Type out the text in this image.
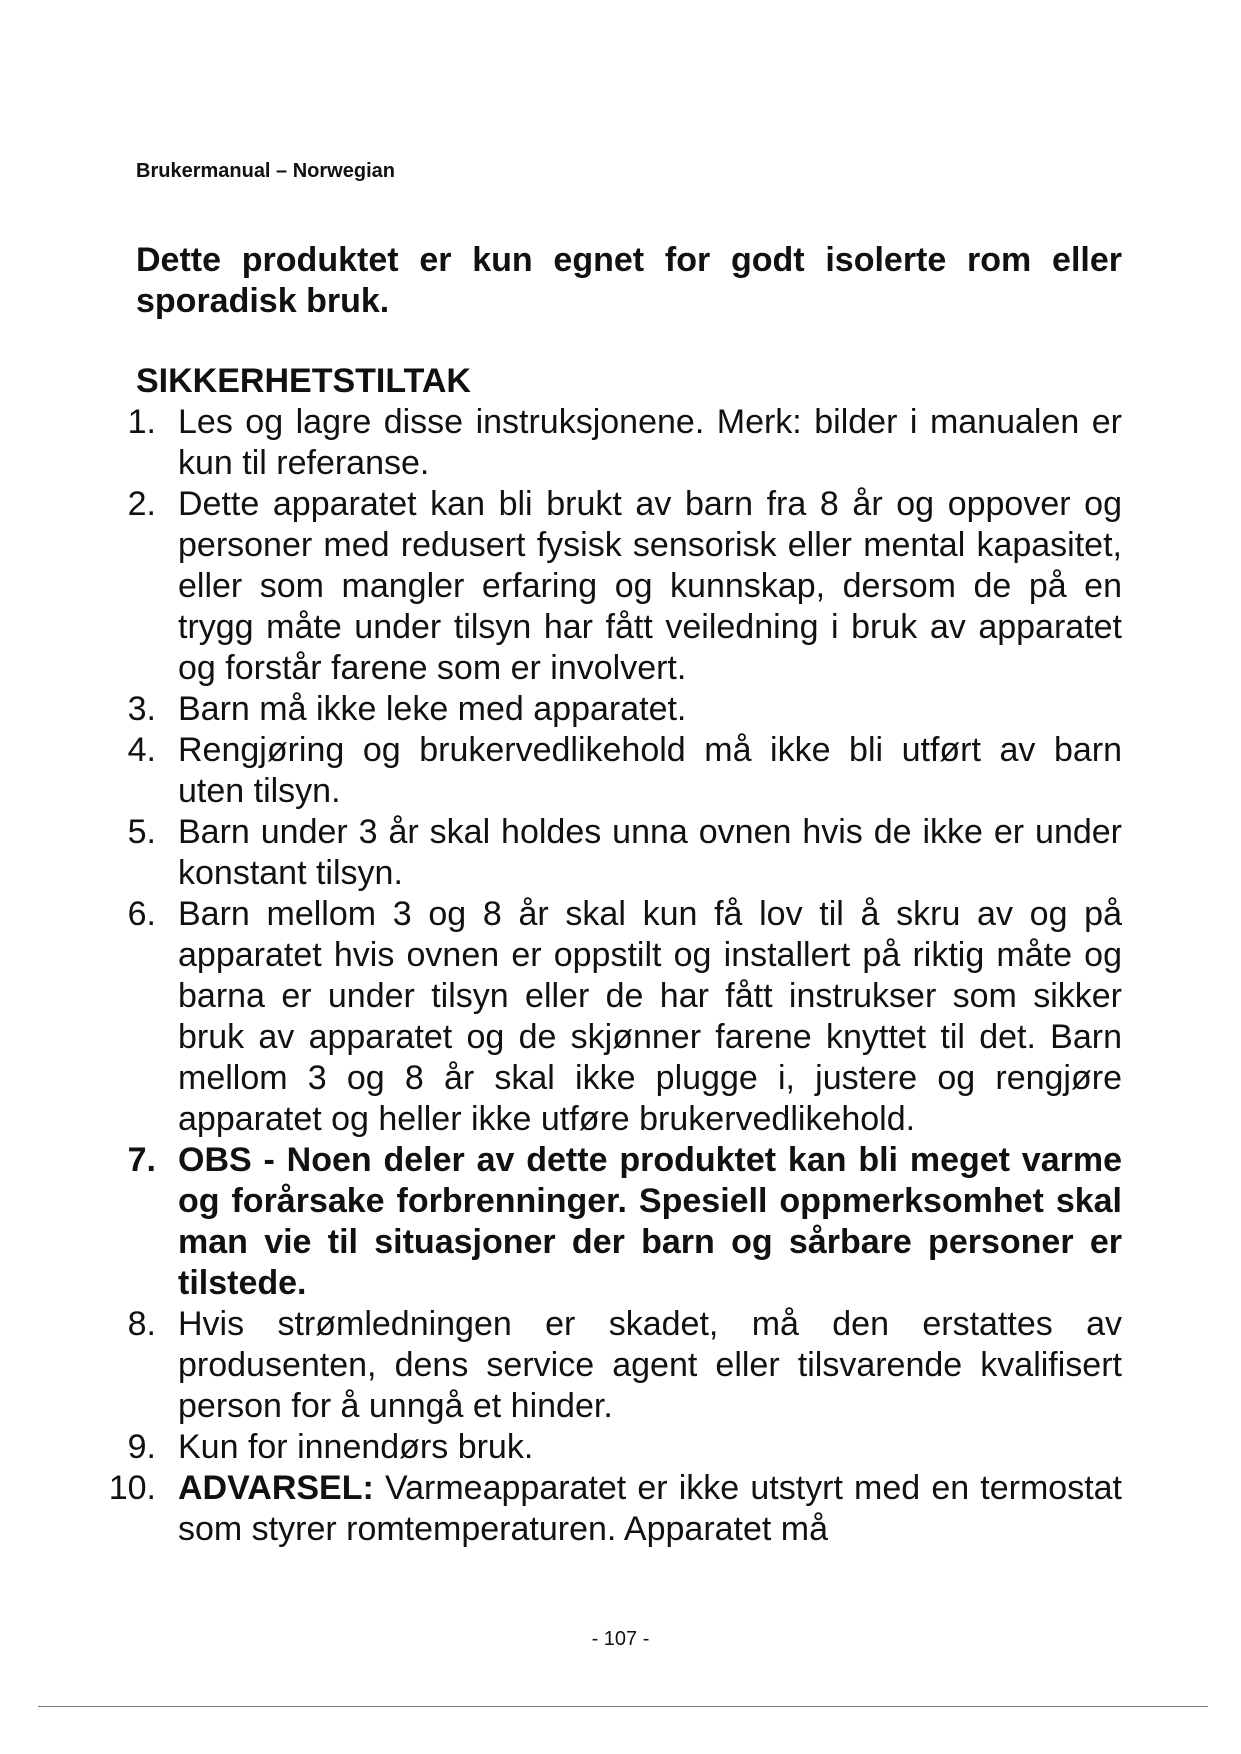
Brukermanual – Norwegian

Dette produktet er kun egnet for godt isolerte rom eller sporadisk bruk.

SIKKERHETSTILTAK
1. Les og lagre disse instruksjonene. Merk: bilder i manualen er kun til referanse.
2. Dette apparatet kan bli brukt av barn fra 8 år og oppover og personer med redusert fysisk sensorisk eller mental kapasitet, eller som mangler erfaring og kunnskap, dersom de på en trygg måte under tilsyn har fått veiledning i bruk av apparatet og forstår farene som er involvert.
3. Barn må ikke leke med apparatet.
4. Rengjøring og brukervedlikehold må ikke bli utført av barn uten tilsyn.
5. Barn under 3 år skal holdes unna ovnen hvis de ikke er under konstant tilsyn.
6. Barn mellom 3 og 8 år skal kun få lov til å skru av og på apparatet hvis ovnen er oppstilt og installert på riktig måte og barna er under tilsyn eller de har fått instrukser som sikker bruk av apparatet og de skjønner farene knyttet til det. Barn mellom 3 og 8 år skal ikke plugge i, justere og rengjøre apparatet og heller ikke utføre brukervedlikehold.
7. OBS - Noen deler av dette produktet kan bli meget varme og forårsake forbrenninger. Spesiell oppmerksomhet skal man vie til situasjoner der barn og sårbare personer er tilstede.
8. Hvis strømledningen er skadet, må den erstattes av produsenten, dens service agent eller tilsvarende kvalifisert person for å unngå et hinder.
9. Kun for innendørs bruk.
10. ADVARSEL: Varmeapparatet er ikke utstyrt med en termostat som styrer romtemperaturen. Apparatet må
- 107 -
